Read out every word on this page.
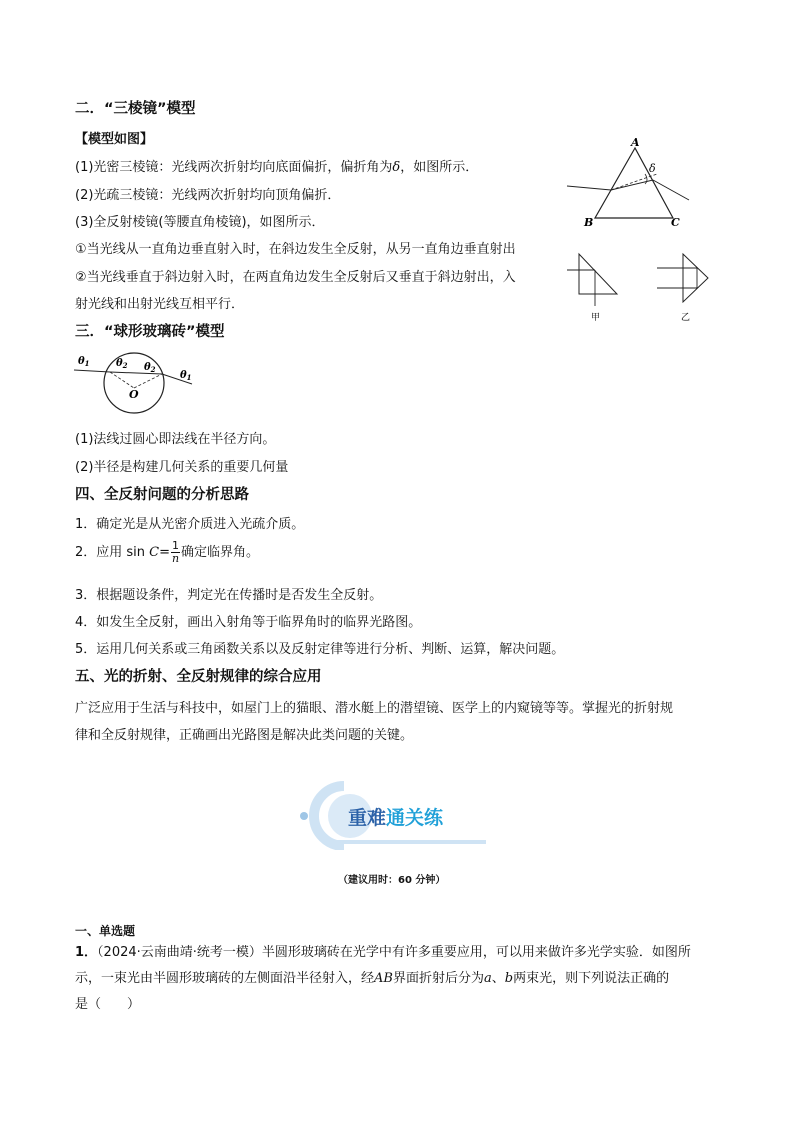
二．“三棱镜”模型
【模型如图】
(1)光密三棱镜：光线两次折射均向底面偏折，偏折角为δ，如图所示．
(2)光疏三棱镜：光线两次折射均向顶角偏折．
(3)全反射棱镜(等腰直角棱镜)，如图所示．
①当光线从一直角边垂直射入时，在斜边发生全反射，从另一直角边垂直射出
②当光线垂直于斜边射入时，在两直角边发生全反射后又垂直于斜边射出，入
射光线和出射光线互相平行．
A
B	C
δ
甲	乙
三．“球形玻璃砖”模型
$\theta_1$	$\theta_2$ $\theta_2$
$\theta_1$
O
(1)法线过圆心即法线在半径方向。
(2)半径是构建几何关系的重要几何量
四、全反射问题的分析思路
1．确定光是从光密介质进入光疏介质。
2．应用 $\sin C= \frac{1}{n}$ 确定临界角。
3．根据题设条件，判定光在传播时是否发生全反射。
4．如发生全反射，画出入射角等于临界角时的临界光路图。
5．运用几何关系或三角函数关系以及反射定律等进行分析、判断、运算，解决问题。
五、光的折射、全反射规律的综合应用
广泛应用于生活与科技中，如屋门上的猫眼、潜水艇上的潜望镜、医学上的内窥镜等等。掌握光的折射规
律和全反射规律，正确画出光路图是解决此类问题的关键。
重难通关练
（建议用时：60 分钟）
一、单选题
1．（2024·云南曲靖·统考一模）半圆形玻璃砖在光学中有许多重要应用，可以用来做许多光学实验．如图所
示，一束光由半圆形玻璃砖的左侧面沿半径射入，经AB界面折射后分为a、b两束光，则下列说法正确的
是（　　）
